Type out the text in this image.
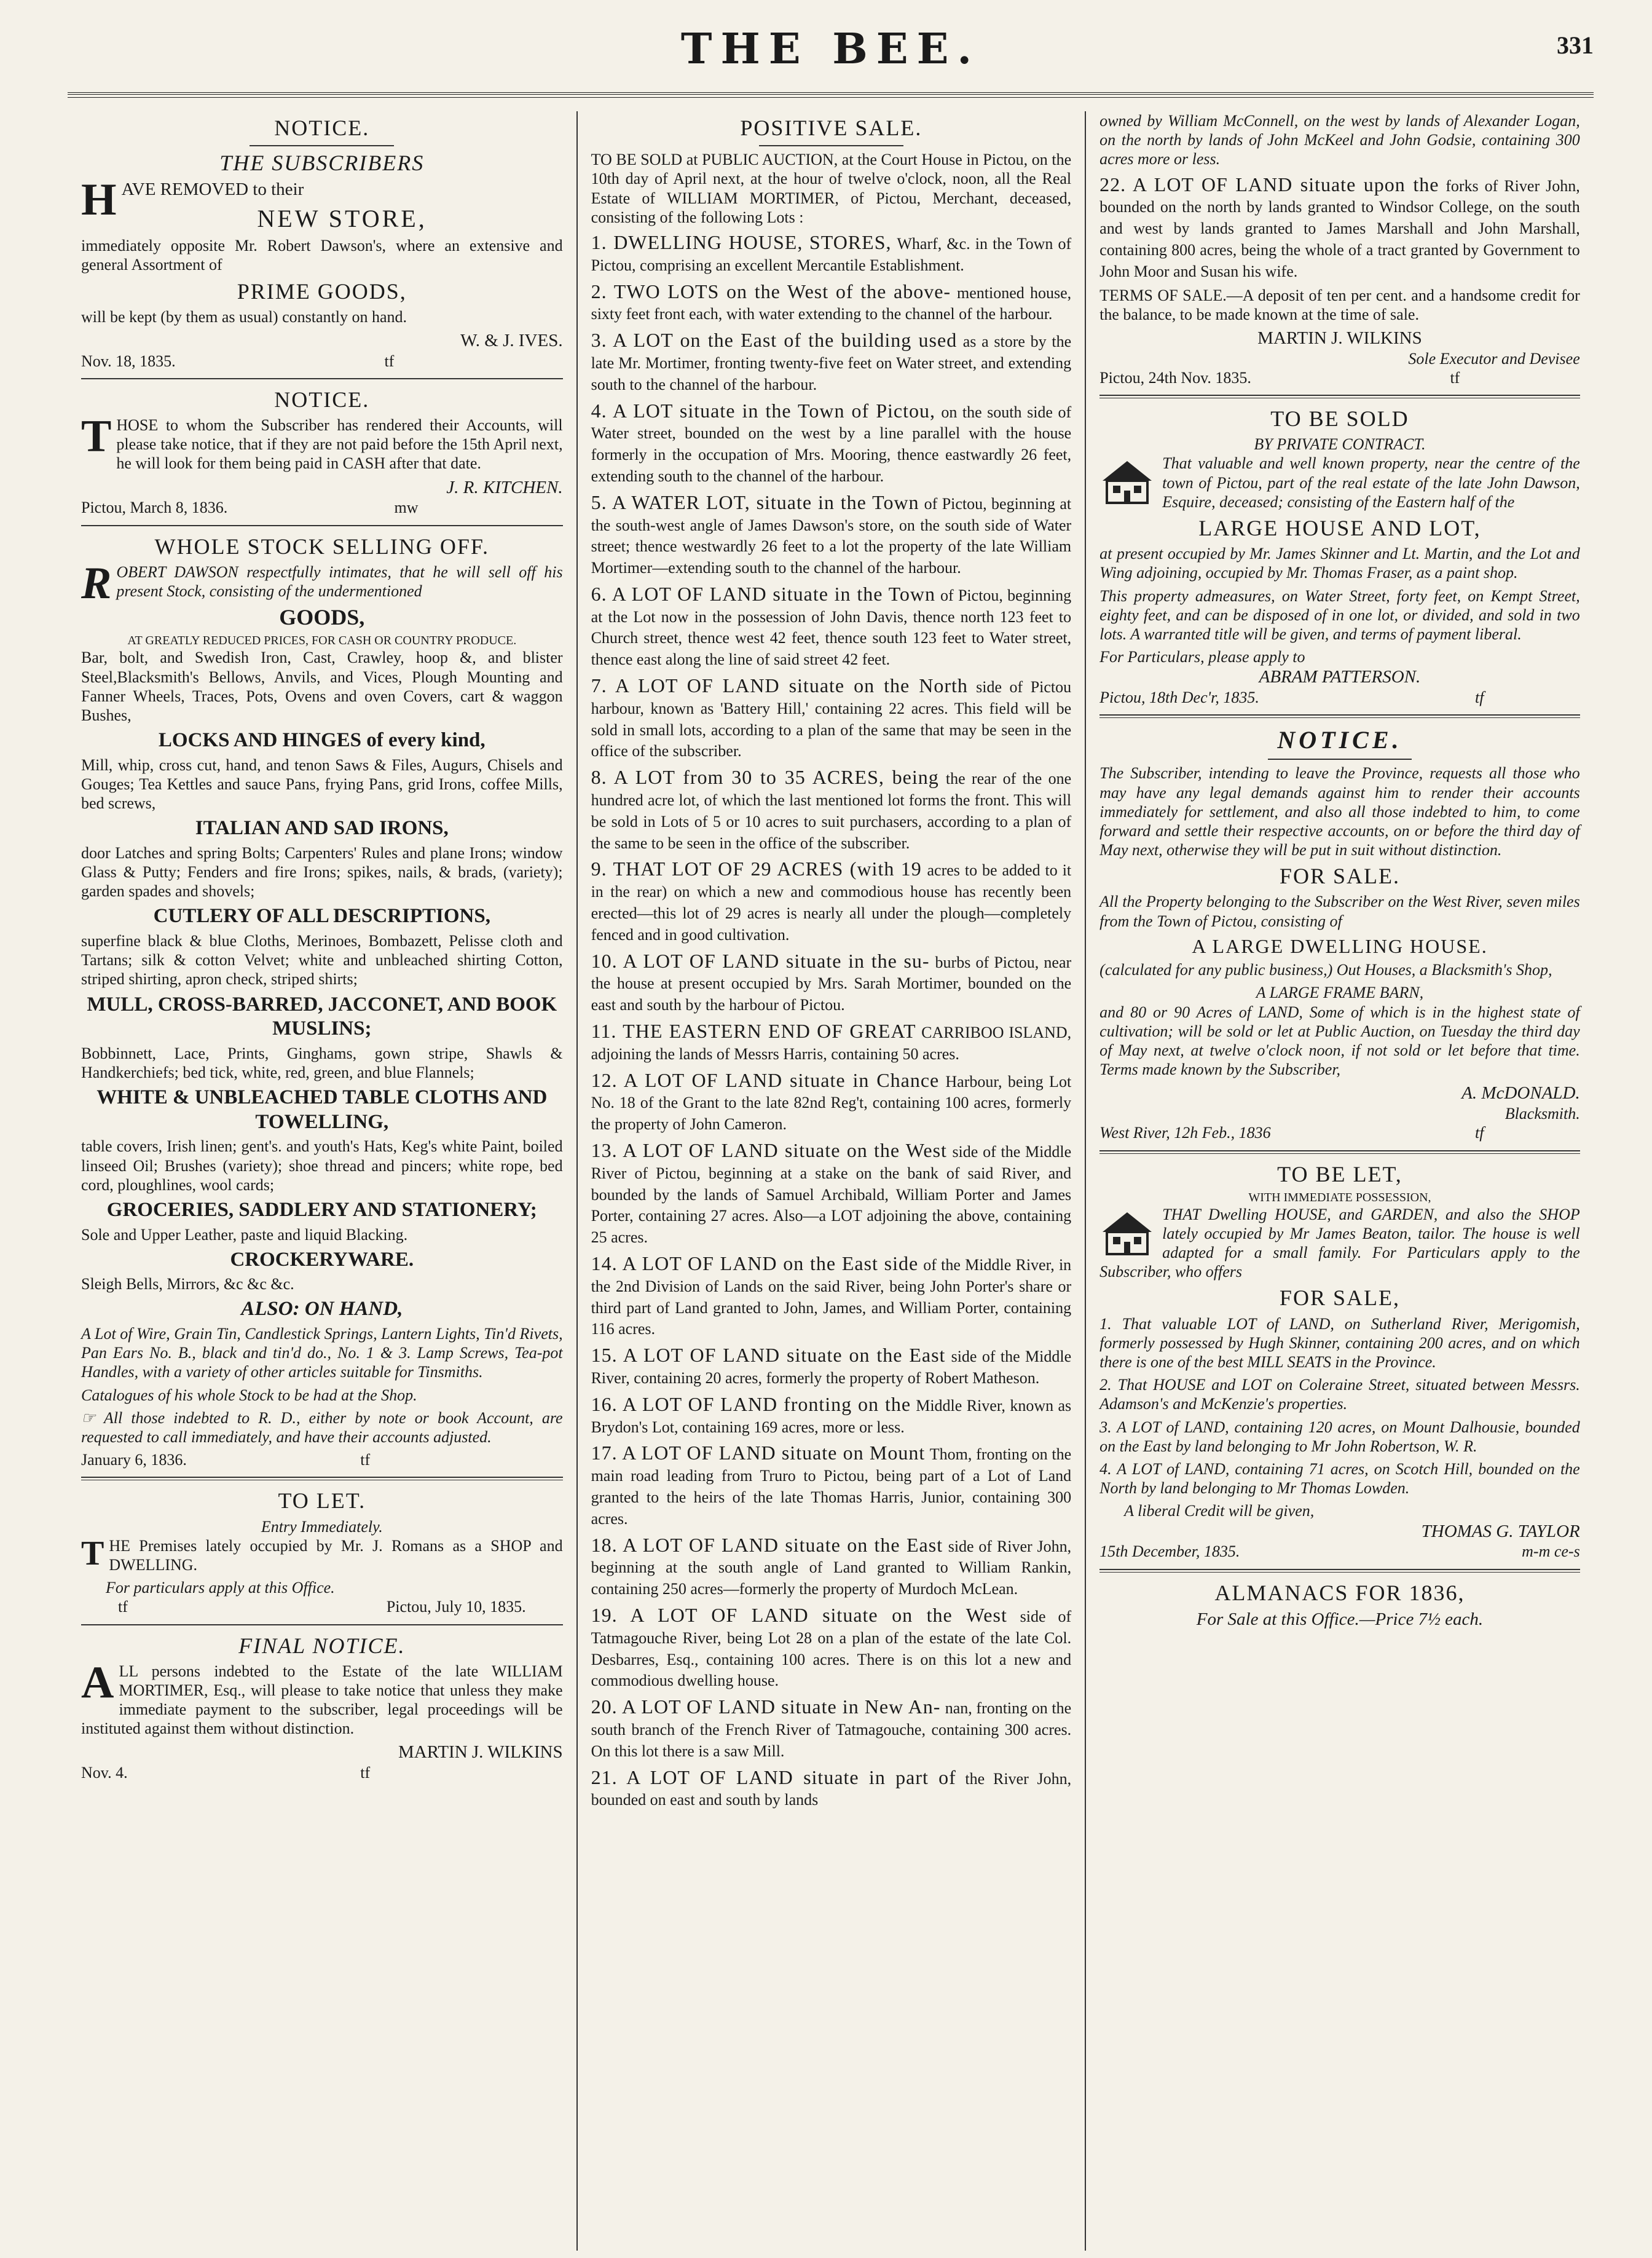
THE BEE.	331
NOTICE.
THE SUBSCRIBERS

HAVE REMOVED to their

NEW STORE,

immediately opposite Mr. Robert Dawson's, where an extensive and general Assortment of

PRIME GOODS,

will be kept (by them as usual) constantly on hand.

W. & J. IVES.
Nov. 18, 1835.	tf
NOTICE.

THOSE to whom the Subscriber has rendered their Accounts, will please take notice, that if they are not paid before the 15th April next, he will look for them being paid in CASH after that date.

J. R. KITCHEN.
Pictou, March 8, 1836.	mw
WHOLE STOCK SELLING OFF.

ROBERT DAWSON respectfully intimates, that he will sell off his present Stock, consisting of the undermentioned

GOODS,
AT GREATLY REDUCED PRICES, FOR CASH OR COUNTRY PRODUCE.

Bar, bolt, and Swedish Iron, Cast, Crawley, hoop &, and blister Steel,Blacksmith's Bellows, Anvils, and Vices, Plough Mounting and Fanner Wheels, Traces, Pots, Ovens and oven Covers, cart & waggon Bushes,

LOCKS AND HINGES of every kind,

Mill, whip, cross cut, hand, and tenon Saws & Files, Augurs, Chisels and Gouges; Tea Kettles and sauce Pans, frying Pans, grid Irons, coffee Mills, bed screws,

ITALIAN AND SAD IRONS,

door Latches and spring Bolts; Carpenters' Rules and plane Irons; window Glass & Putty; Fenders and fire Irons; spikes, nails, & brads, (variety); garden spades and shovels;

CUTLERY OF ALL DESCRIPTIONS,

superfine black & blue Cloths, Merinoes, Bombazett, Pelisse cloth and Tartans; silk & cotton Velvet; white and unbleached shirting Cotton, striped shirting, apron check, striped shirts;

MULL, CROSS-BARRED, JACCONET, AND BOOK MUSLINS;

Bobbinnett, Lace, Prints, Ginghams, gown stripe, Shawls & Handkerchiefs; bed tick, white, red, green, and blue Flannels;

WHITE & UNBLEACHED TABLE CLOTHS AND TOWELLING,

table covers, Irish linen; gent's. and youth's Hats, Keg's white Paint, boiled linseed Oil; Brushes (variety); shoe thread and pincers; white rope, bed cord, ploughlines, wool cards;

GROCERIES, SADDLERY AND STATIONERY;

Sole and Upper Leather, paste and liquid Blacking.

CROCKERYWARE.

Sleigh Bells, Mirrors, &c &c &c.

ALSO: ON HAND,

A Lot of Wire, Grain Tin, Candlestick Springs, Lantern Lights, Tin'd Rivets, Pan Ears No. B., black and tin'd do., No. 1 & 3. Lamp Screws, Tea-pot Handles, with a variety of other articles suitable for Tinsmiths.

Catalogues of his whole Stock to be had at the Shop.

☞ All those indebted to R. D., either by note or book Account, are requested to call immediately, and have their accounts adjusted.

January 6, 1836.	tf
TO LET.
Entry Immediately.

THE Premises lately occupied by Mr. J. Romans as a SHOP and DWELLING.

For particulars apply at this Office.
tf	Pictou, July 10, 1835.
FINAL NOTICE.

ALL persons indebted to the Estate of the late WILLIAM MORTIMER, Esq., will please to take notice that unless they make immediate payment to the subscriber, legal proceedings will be instituted against them without distinction.

MARTIN J. WILKINS
Nov. 4.	tf
POSITIVE SALE.

TO BE SOLD at PUBLIC AUCTION, at the Court House in Pictou, on the 10th day of April next, at the hour of twelve o'clock, noon, all the Real Estate of WILLIAM MORTIMER, of Pictou, Merchant, deceased, consisting of the following Lots :

1. DWELLING HOUSE, STORES, Wharf, &c. in the Town of Pictou, comprising an excellent Mercantile Establishment.
2. TWO LOTS on the West of the above- mentioned house, sixty feet front each, with water extending to the channel of the harbour.
3. A LOT on the East of the building used as a store by the late Mr. Mortimer, fronting twenty-five feet on Water street, and extending south to the channel of the harbour.
4. A LOT situate in the Town of Pictou, on the south side of Water street, bounded on the west by a line parallel with the house formerly in the occupation of Mrs. Mooring, thence eastwardly 26 feet, extending south to the channel of the harbour.
5. A WATER LOT, situate in the Town of Pictou, beginning at the south-west angle of James Dawson's store, on the south side of Water street; thence westwardly 26 feet to a lot the property of the late William Mortimer—extending south to the channel of the harbour.
6. A LOT OF LAND situate in the Town of Pictou, beginning at the Lot now in the possession of John Davis, thence north 123 feet to Church street, thence west 42 feet, thence south 123 feet to Water street, thence east along the line of said street 42 feet.
7. A LOT OF LAND situate on the North side of Pictou harbour, known as 'Battery Hill,' containing 22 acres. This field will be sold in small lots, according to a plan of the same that may be seen in the office of the subscriber.
8. A LOT from 30 to 35 ACRES, being the rear of the one hundred acre lot, of which the last mentioned lot forms the front. This will be sold in Lots of 5 or 10 acres to suit purchasers, according to a plan of the same to be seen in the office of the subscriber.
9. THAT LOT OF 29 ACRES (with 19 acres to be added to it in the rear) on which a new and commodious house has recently been erected—this lot of 29 acres is nearly all under the plough—completely fenced and in good cultivation.
10. A LOT OF LAND situate in the su- burbs of Pictou, near the house at present occupied by Mrs. Sarah Mortimer, bounded on the east and south by the harbour of Pictou.
11. THE EASTERN END OF GREAT CARRIBOO ISLAND, adjoining the lands of Messrs Harris, containing 50 acres.
12. A LOT OF LAND situate in Chance Harbour, being Lot No. 18 of the Grant to the late 82nd Reg't, containing 100 acres, formerly the property of John Cameron.
13. A LOT OF LAND situate on the West side of the Middle River of Pictou, beginning at a stake on the bank of said River, and bounded by the lands of Samuel Archibald, William Porter and James Porter, containing 27 acres. Also—a LOT adjoining the above, containing 25 acres.
14. A LOT OF LAND on the East side of the Middle River, in the 2nd Division of Lands on the said River, being John Porter's share or third part of Land granted to John, James, and William Porter, containing 116 acres.
15. A LOT OF LAND situate on the East side of the Middle River, containing 20 acres, formerly the property of Robert Matheson.
16. A LOT OF LAND fronting on the Middle River, known as Brydon's Lot, containing 169 acres, more or less.
17. A LOT OF LAND situate on Mount Thom, fronting on the main road leading from Truro to Pictou, being part of a Lot of Land granted to the heirs of the late Thomas Harris, Junior, containing 300 acres.
18. A LOT OF LAND situate on the East side of River John, beginning at the south angle of Land granted to William Rankin, containing 250 acres—formerly the property of Murdoch McLean.
19. A LOT OF LAND situate on the West side of Tatmagouche River, being Lot 28 on a plan of the estate of the late Col. Desbarres, Esq., containing 100 acres. There is on this lot a new and commodious dwelling house.
20. A LOT OF LAND situate in New An- nan, fronting on the south branch of the French River of Tatmagouche, containing 300 acres. On this lot there is a saw Mill.
21. A LOT OF LAND situate in part of the River John, bounded on east and south by lands

owned by William McConnell, on the west by lands of Alexander Logan, on the north by lands of John McKeel and John Godsie, containing 300 acres more or less.

22. A LOT OF LAND situate upon the forks of River John, bounded on the north by lands granted to Windsor College, on the south and west by lands granted to James Marshall and John Marshall, containing 800 acres, being the whole of a tract granted by Government to John Moor and Susan his wife.

TERMS OF SALE.—A deposit of ten per cent. and a handsome credit for the balance, to be made known at the time of sale.

MARTIN J. WILKINS
Sole Executor and Devisee
Pictou, 24th Nov. 1835.	tf
TO BE SOLD
BY PRIVATE CONTRACT.

That valuable and well known property, near the centre of the town of Pictou, part of the real estate of the late John Dawson, Esquire, deceased; consisting of the Eastern half of the

LARGE HOUSE AND LOT,

at present occupied by Mr. James Skinner and Lt. Martin, and the Lot and Wing adjoining, occupied by Mr. Thomas Fraser, as a paint shop.

This property admeasures, on Water Street, forty feet, on Kempt Street, eighty feet, and can be disposed of in one lot, or divided, and sold in two lots. A warranted title will be given, and terms of payment liberal.

For Particulars, please apply to
ABRAM PATTERSON.
Pictou, 18th Dec'r, 1835.	tf
NOTICE.

The Subscriber, intending to leave the Province, requests all those who may have any legal demands against him to render their accounts immediately for settlement, and also all those indebted to him, to come forward and settle their respective accounts, on or before the third day of May next, otherwise they will be put in suit without distinction.

FOR SALE.

All the Property belonging to the Subscriber on the West River, seven miles from the Town of Pictou, consisting of

A LARGE DWELLING HOUSE.

(calculated for any public business,) Out Houses, a Blacksmith's Shop,

A LARGE FRAME BARN,

and 80 or 90 Acres of LAND, Some of which is in the highest state of cultivation; will be sold or let at Public Auction, on Tuesday the third day of May next, at twelve o'clock noon, if not sold or let before that time. Terms made known by the Subscriber,

A. McDONALD.
Blacksmith.
West River, 12h Feb., 1836	tf
TO BE LET,
WITH IMMEDIATE POSSESSION,

THAT Dwelling HOUSE, and GARDEN, and also the SHOP lately occupied by Mr James Beaton, tailor. The house is well adapted for a small family. For Particulars apply to the Subscriber, who offers

FOR SALE,

1. That valuable LOT of LAND, on Sutherland River, Merigomish, formerly possessed by Hugh Skinner, containing 200 acres, and on which there is one of the best MILL SEATS in the Province.

2. That HOUSE and LOT on Coleraine Street, situated between Messrs. Adamson's and McKenzie's properties.

3. A LOT of LAND, containing 120 acres, on Mount Dalhousie, bounded on the East by land belonging to Mr John Robertson, W. R.

4. A LOT of LAND, containing 71 acres, on Scotch Hill, bounded on the North by land belonging to Mr Thomas Lowden.

A liberal Credit will be given,
THOMAS G. TAYLOR
15th December, 1835.	m-m ce-s
ALMANACS FOR 1836,
For Sale at this Office.—Price 7½ each.
